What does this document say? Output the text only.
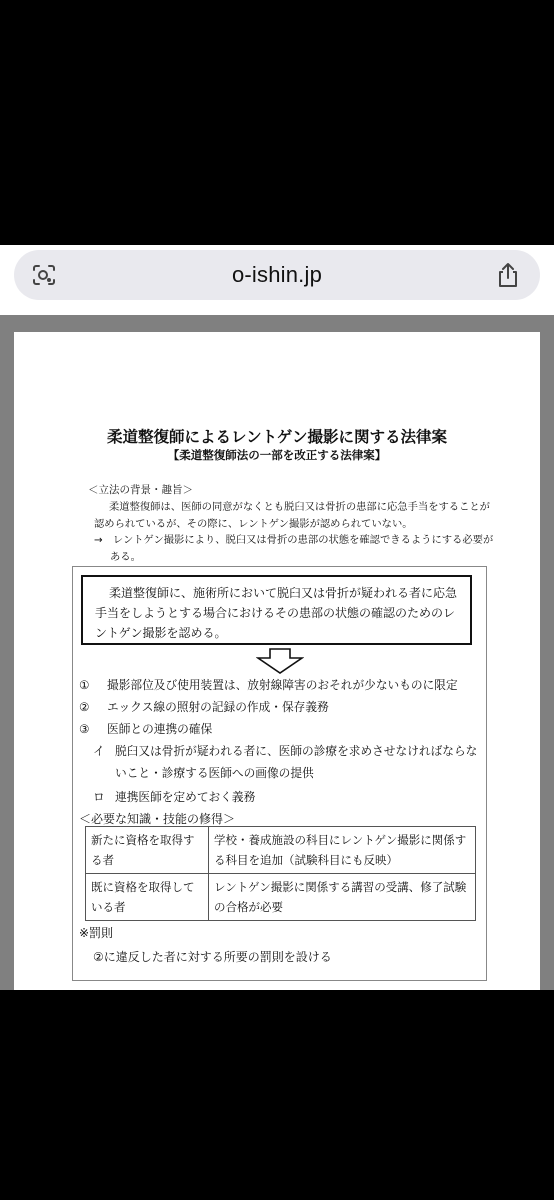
o-ishin.jp
柔道整復師によるレントゲン撮影に関する法律案
【柔道整復師法の一部を改正する法律案】
＜立法の背景・趣旨＞

柔道整復師は、医師の同意がなくとも脱臼又は骨折の患部に応急手当をすることが認められているが、その際に、レントゲン撮影が認められていない。

→　レントゲン撮影により、脱臼又は骨折の患部の状態を確認できるようにする必要がある。

柔道整復師に、施術所において脱臼又は骨折が疑われる者に応急手当をしようとする場合におけるその患部の状態の確認のためのレントゲン撮影を認める。

① 撮影部位及び使用装置は、放射線障害のおそれが少ないものに限定
② エックス線の照射の記録の作成・保存義務
③ 医師との連携の確保
イ 脱臼又は骨折が疑われる者に、医師の診療を求めさせなければならないこと・診療する医師への画像の提供
ロ 連携医師を定めておく義務
＜必要な知識・技能の修得＞
新たに資格を取得する者	学校・養成施設の科目にレントゲン撮影に関係する科目を追加（試験科目にも反映）
既に資格を取得している者	レントゲン撮影に関係する講習の受講、修了試験の合格が必要
※罰則
②に違反した者に対する所要の罰則を設ける
